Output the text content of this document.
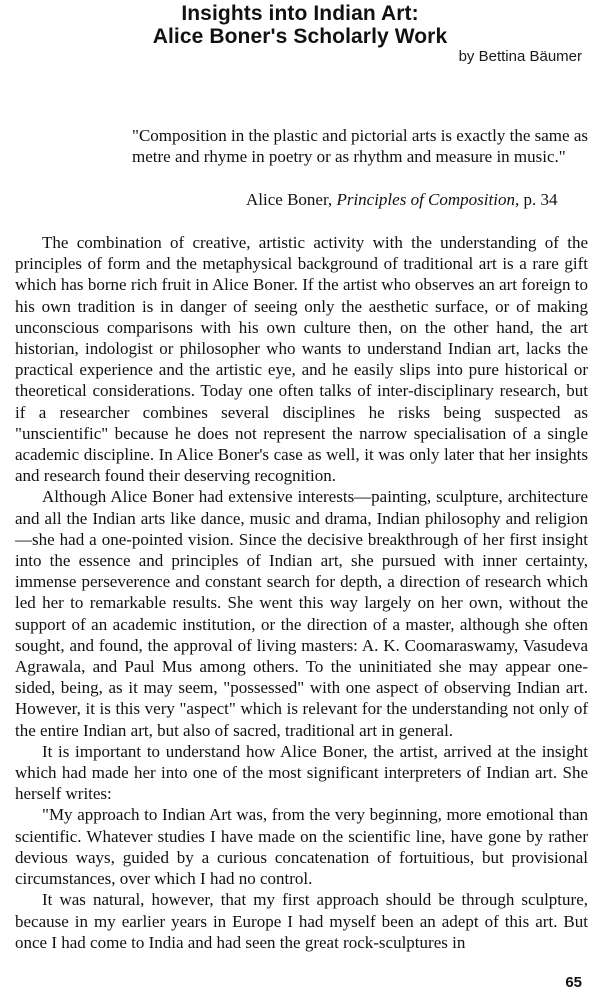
Insights into Indian Art:
Alice Boner's Scholarly Work
by Bettina Bäumer

"Composition in the plastic and pictorial arts is exactly the same as metre and rhyme in poetry or as rhythm and measure in music."

Alice Boner, Principles of Composition, p. 34

The combination of creative, artistic activity with the understanding of the principles of form and the metaphysical background of traditional art is a rare gift which has borne rich fruit in Alice Boner. If the artist who observes an art foreign to his own tradition is in danger of seeing only the aesthetic surface, or of making unconscious comparisons with his own culture then, on the other hand, the art historian, indologist or philosopher who wants to understand Indian art, lacks the practical experience and the artistic eye, and he easily slips into pure historical or theoretical considerations. Today one often talks of inter-disciplinary research, but if a researcher combines several disciplines he risks being suspected as "unscientific" because he does not represent the narrow specialisation of a single academic discipline. In Alice Boner's case as well, it was only later that her insights and research found their deserving recognition.

Although Alice Boner had extensive interests—painting, sculpture, architecture and all the Indian arts like dance, music and drama, Indian philosophy and religion—she had a one-pointed vision. Since the decisive breakthrough of her first insight into the essence and principles of Indian art, she pursued with inner certainty, immense perseverence and constant search for depth, a direction of research which led her to remarkable results. She went this way largely on her own, without the support of an academic institution, or the direction of a master, although she often sought, and found, the approval of living masters: A. K. Coomaraswamy, Vasudeva Agrawala, and Paul Mus among others. To the uninitiated she may appear one-sided, being, as it may seem, "possessed" with one aspect of observing Indian art. However, it is this very "aspect" which is relevant for the understanding not only of the entire Indian art, but also of sacred, traditional art in general.

It is important to understand how Alice Boner, the artist, arrived at the insight which had made her into one of the most significant interpreters of Indian art. She herself writes:

"My approach to Indian Art was, from the very beginning, more emotional than scientific. Whatever studies I have made on the scientific line, have gone by rather devious ways, guided by a curious concatenation of fortuitious, but provisional circumstances, over which I had no control.

It was natural, however, that my first approach should be through sculpture, because in my earlier years in Europe I had myself been an adept of this art. But once I had come to India and had seen the great rock-sculptures in

65
